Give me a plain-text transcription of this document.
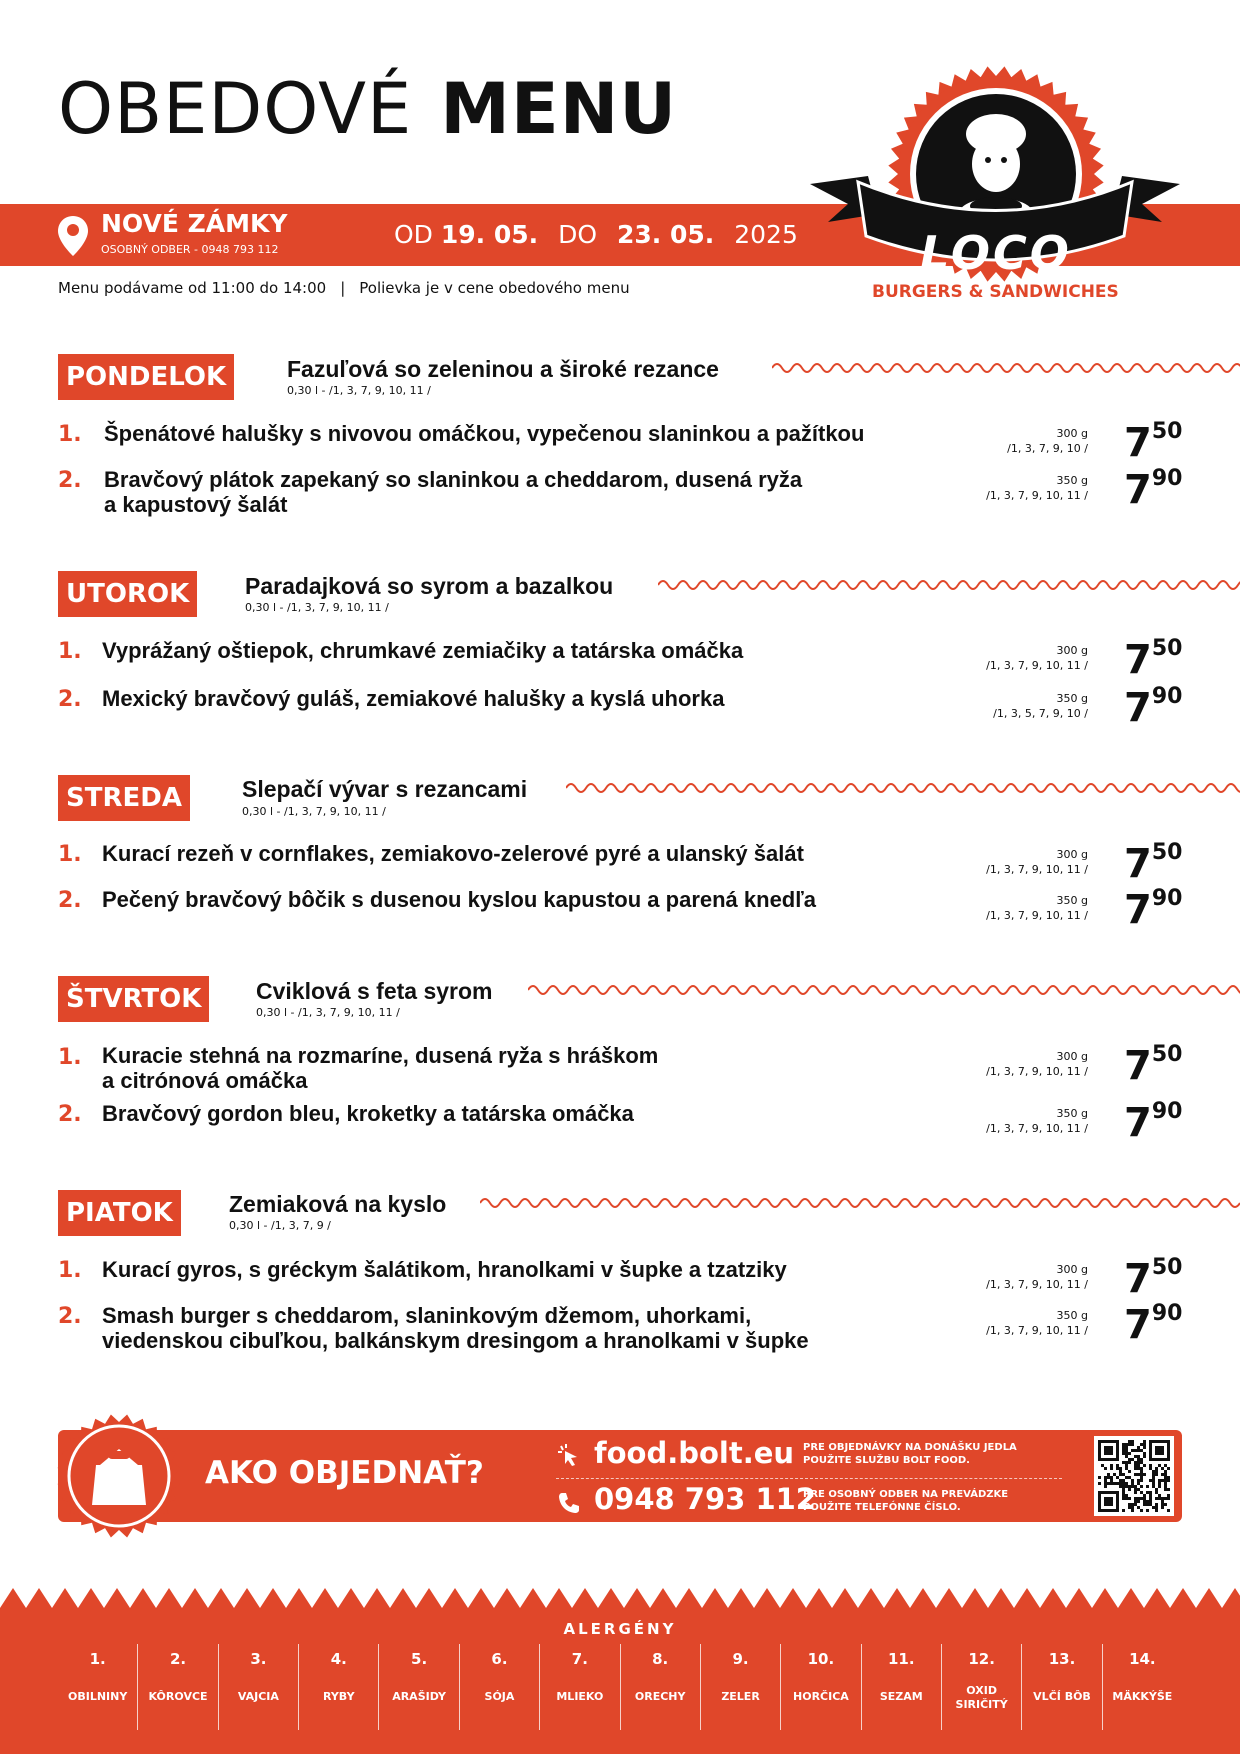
OBEDOVÉ MENU
NOVÉ ZÁMKY
OSOBNÝ ODBER - 0948 793 112
OD 19. 05. DO 23. 05. 2025
Menu podávame od 11:00 do 14:00 | Polievka je v cene obedového menu
LOCO
BURGERS & SANDWICHES
PONDELOK	Fazuľová so zeleninou a široké rezance
0,30 l - /1, 3, 7, 9, 10, 11 /
1. Špenátové halušky s nivovou omáčkou, vypečenou slaninkou a pažítkou	300 g
/1, 3, 7, 9, $10 / 7^{50}$
2. Bravčový plátok zapekaný so slaninkou a cheddarom, dusená ryža
a kapustový šalát
350 g
/1, 3, 7, 9, 10, $11 / 7^{90}$
UTOROK	Paradajková so syrom a bazalkou
0,30 l - /1, 3, 7, 9, 10, 11 /
1. Vyprážaný oštiepok, chrumkavé zemiačiky a tatárska omáčka	300 g
/1, 3, 7, 9, 10, $11 / 7^{50}$
2. Mexický bravčový guláš, zemiakové halušky a kyslá uhorka	350 g
/1, 3, 5, 7, 9, $10 / 7^{90}$
STREDA	Slepačí vývar s rezancami
0,30 l - /1, 3, 7, 9, 10, 11 /
1. Kurací rezeň v cornflakes, zemiakovo-zelerové pyré a ulanský šalát	300 g
/1, 3, 7, 9, 10, $11 / 7^{50}$
2. Pečený bravčový bôčik s dusenou kyslou kapustou a parená knedľa	350 g
/1, 3, 7, 9, 10, $11 / 7^{90}$
ŠTVRTOK	Cviklová s feta syrom
0,30 l - /1, 3, 7, 9, 10, 11 /
1. Kuracie stehná na rozmaríne, dusená ryža s hráškom
a citrónová omáčka
300 g
/1, 3, 7, 9, 10, $11 / 7^{50}$
2. Bravčový gordon bleu, kroketky a tatárska omáčka	350 g
/1, 3, 7, 9, 10, $11 / 7^{90}$
PIATOK	Zemiaková na kyslo
0,30 l - /1, 3, 7, 9 /
1. Kurací gyros, s gréckym šalátikom, hranolkami v šupke a tzatziky	300 g
/1, 3, 7, 9, 10, $11 / 7^{50}$
2. Smash burger s cheddarom, slaninkovým džemom, uhorkami,
viedenskou cibuľkou, balkánskym dresingom a hranolkami v šupke
350 g
/1, 3, 7, 9, 10, $11 / 7^{90}$
AKO OBJEDNAŤ?
food.bolt.eu PRE OBJEDNÁVKY NA DONÁŠKU JEDLA
POUŽITE SLUŽBU BOLT FOOD.
0948 793 112
PRE OSOBNÝ ODBER NA PREVÁDZKE
POUŽITE TELEFÓNNE ČÍSLO.
ALERGÉNY
1.
OBILNINY
2.
KÔROVCE
3.
VAJCIA
4.
RYBY
5.
ARAŠIDY
6.
SÓJA
7.
MLIEKO
8.
ORECHY
9.
ZELER
10.
HORČICA
11.
SEZAM
12.
OXID
SIRIČITÝ
13.
VLČÍ BÔB
14.
MÄKKÝŠE
